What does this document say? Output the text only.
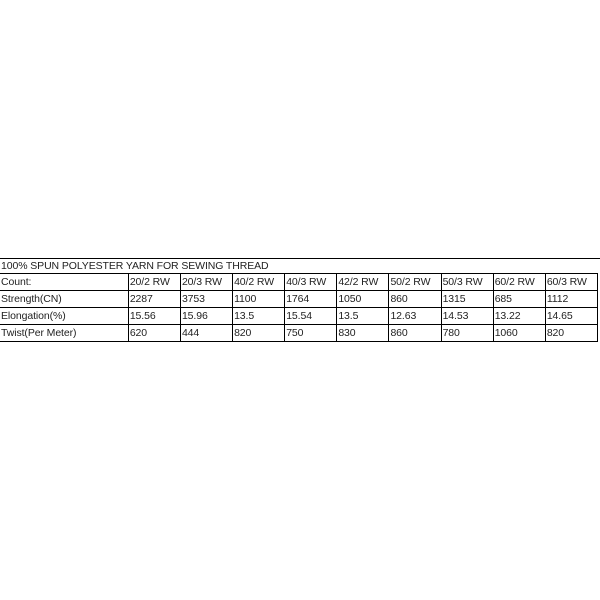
100% SPUN POLYESTER YARN FOR SEWING THREAD
Count:	20/2 RW	20/3 RW	40/2 RW	40/3 RW	42/2 RW	50/2 RW	50/3 RW	60/2 RW	60/3 RW
Strength(CN)	2287	3753	1100	1764	1050	860	1315	685	1112
Elongation(%)	15.56	15.96	13.5	15.54	13.5	12.63	14.53	13.22	14.65
Twist(Per Meter)	620	444	820	750	830	860	780	1060	820
